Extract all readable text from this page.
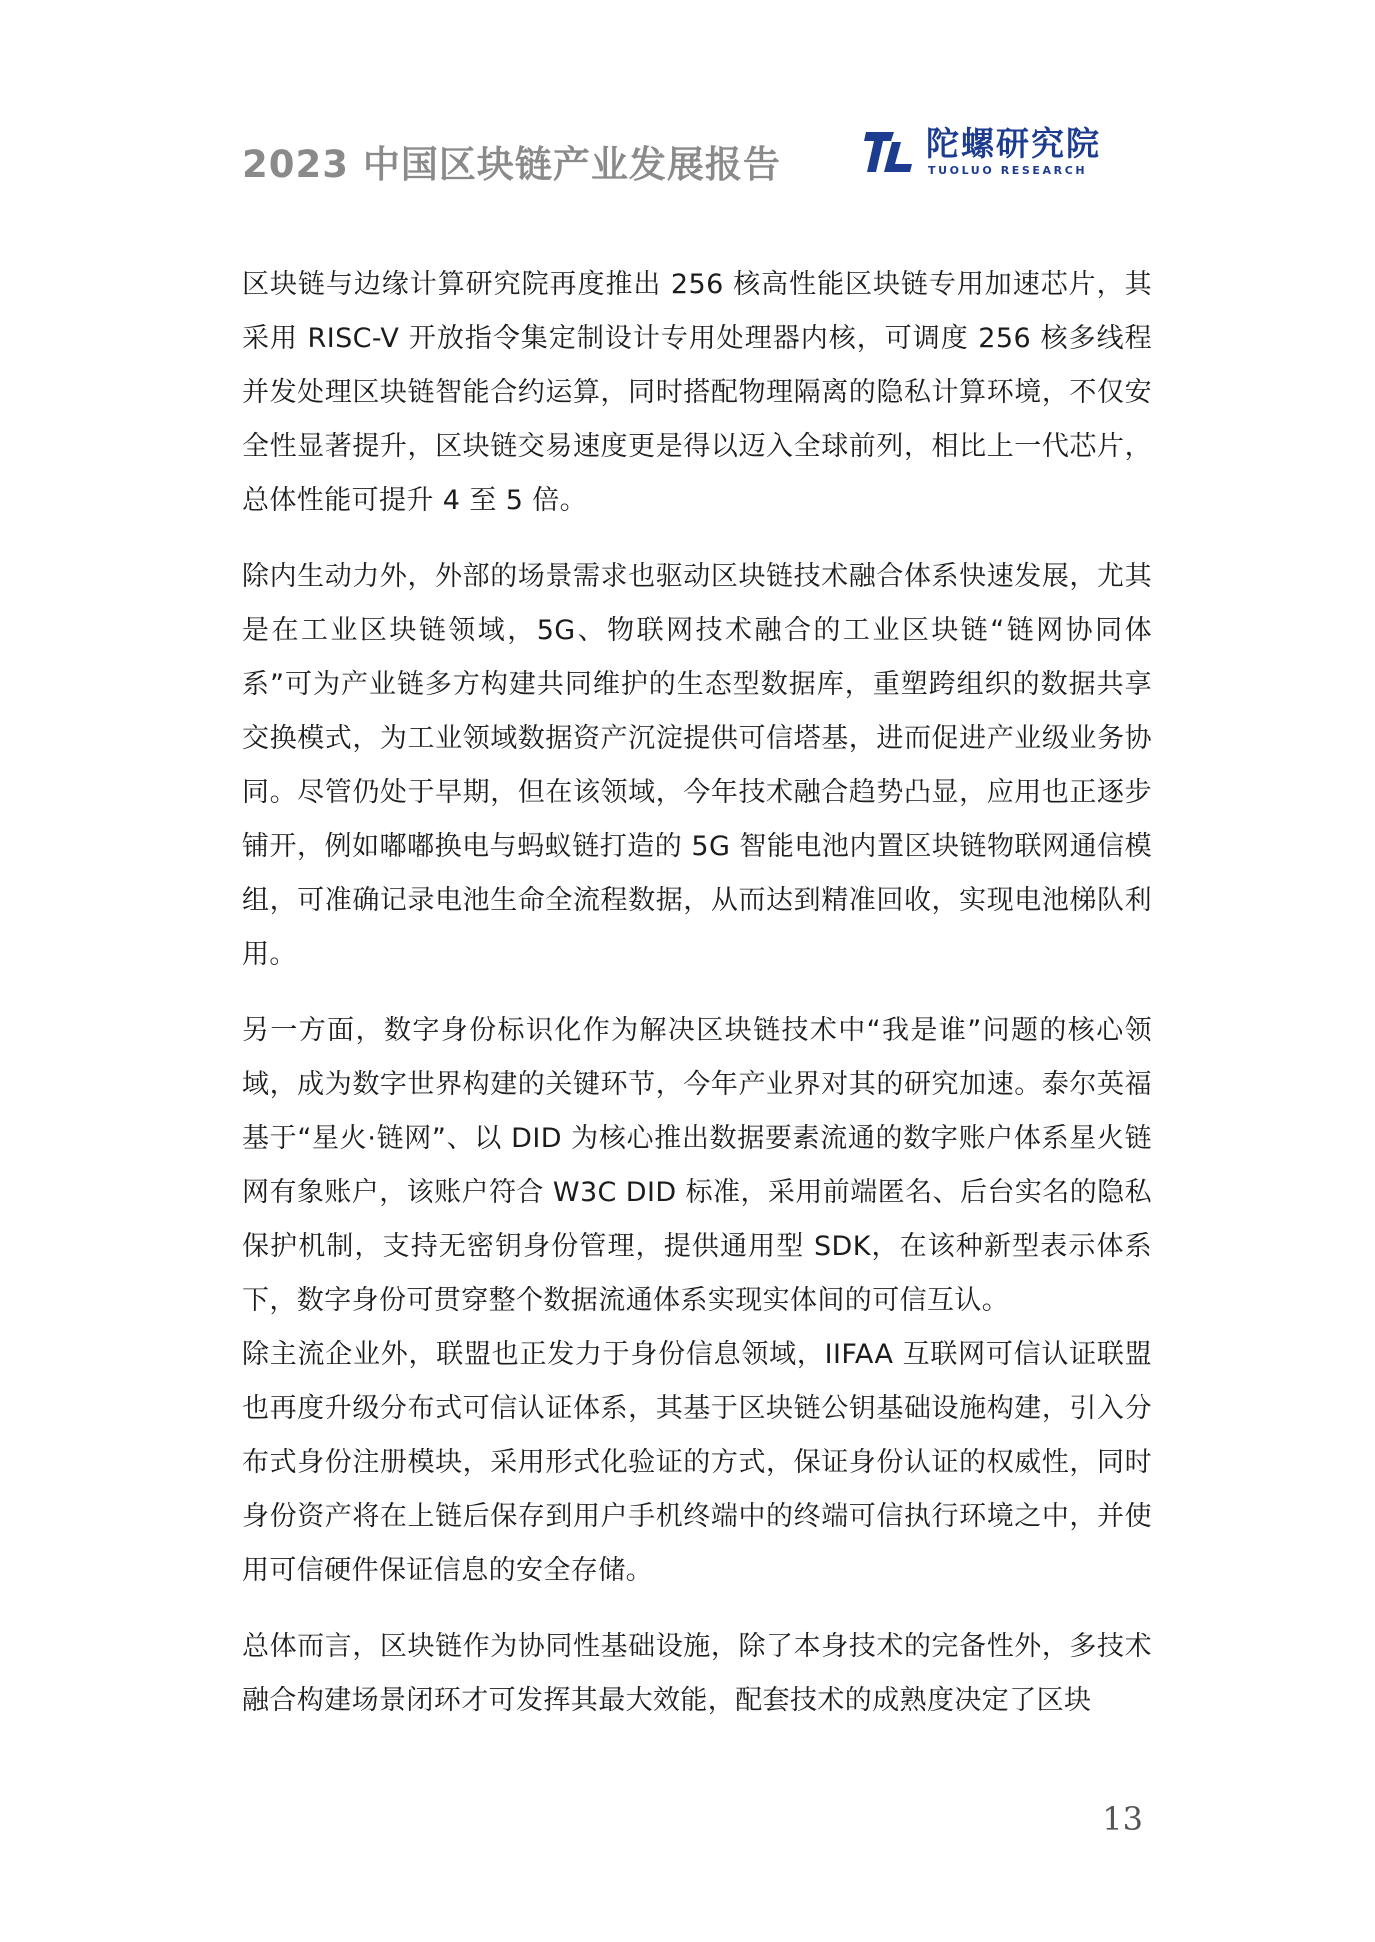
2023 中国区块链产业发展报告	陀螺研究院
TUOLUO RESEARCH

区块链与边缘计算研究院再度推出 256 核高性能区块链专用加速芯片，其采用 RISC-V 开放指令集定制设计专用处理器内核，可调度 256 核多线程并发处理区块链智能合约运算，同时搭配物理隔离的隐私计算环境，不仅安全性显著提升，区块链交易速度更是得以迈入全球前列，相比上一代芯片，总体性能可提升 4 至 5 倍。

除内生动力外，外部的场景需求也驱动区块链技术融合体系快速发展，尤其是在工业区块链领域，5G、物联网技术融合的工业区块链“链网协同体系”可为产业链多方构建共同维护的生态型数据库，重塑跨组织的数据共享交换模式，为工业领域数据资产沉淀提供可信塔基，进而促进产业级业务协同。尽管仍处于早期，但在该领域，今年技术融合趋势凸显，应用也正逐步铺开，例如嘟嘟换电与蚂蚁链打造的 5G 智能电池内置区块链物联网通信模组，可准确记录电池生命全流程数据，从而达到精准回收，实现电池梯队利用。

另一方面，数字身份标识化作为解决区块链技术中“我是谁”问题的核心领域，成为数字世界构建的关键环节，今年产业界对其的研究加速。泰尔英福基于“星火·链网”、以 DID 为核心推出数据要素流通的数字账户体系星火链网有象账户，该账户符合 W3C DID 标准，采用前端匿名、后台实名的隐私保护机制，支持无密钥身份管理，提供通用型 SDK，在该种新型表示体系下，数字身份可贯穿整个数据流通体系实现实体间的可信互认。

除主流企业外，联盟也正发力于身份信息领域，IIFAA 互联网可信认证联盟也再度升级分布式可信认证体系，其基于区块链公钥基础设施构建，引入分布式身份注册模块，采用形式化验证的方式，保证身份认证的权威性，同时身份资产将在上链后保存到用户手机终端中的终端可信执行环境之中，并使用可信硬件保证信息的安全存储。

总体而言，区块链作为协同性基础设施，除了本身技术的完备性外，多技术融合构建场景闭环才可发挥其最大效能，配套技术的成熟度决定了区块

13
